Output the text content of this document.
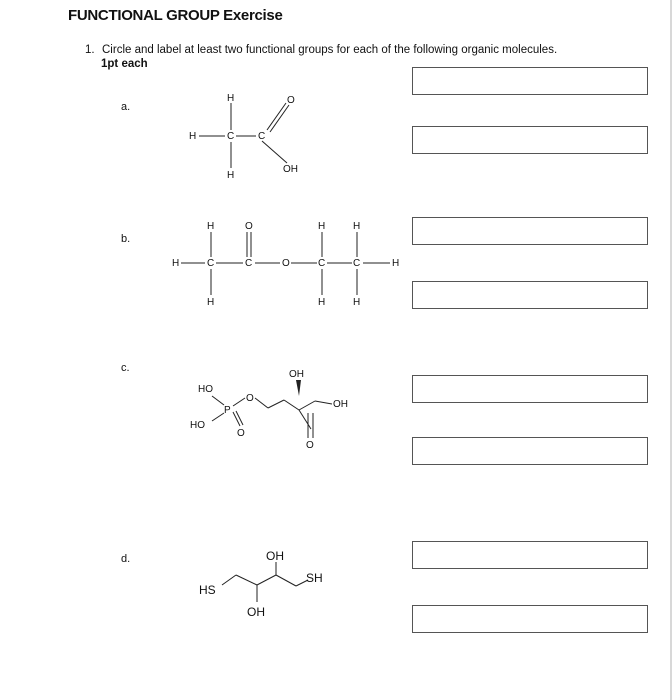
FUNCTIONAL GROUP Exercise
1. Circle and label at least two functional groups for each of the following organic molecules.
1pt each
a.
b.
c.
d.
H	C
H
H
C
O
OH
H	C
H
H
C
O
O	C
H
H
C
H
H
H
HO
HO
P
O
O
OH
OH
O
OH
SH
HS
OH
